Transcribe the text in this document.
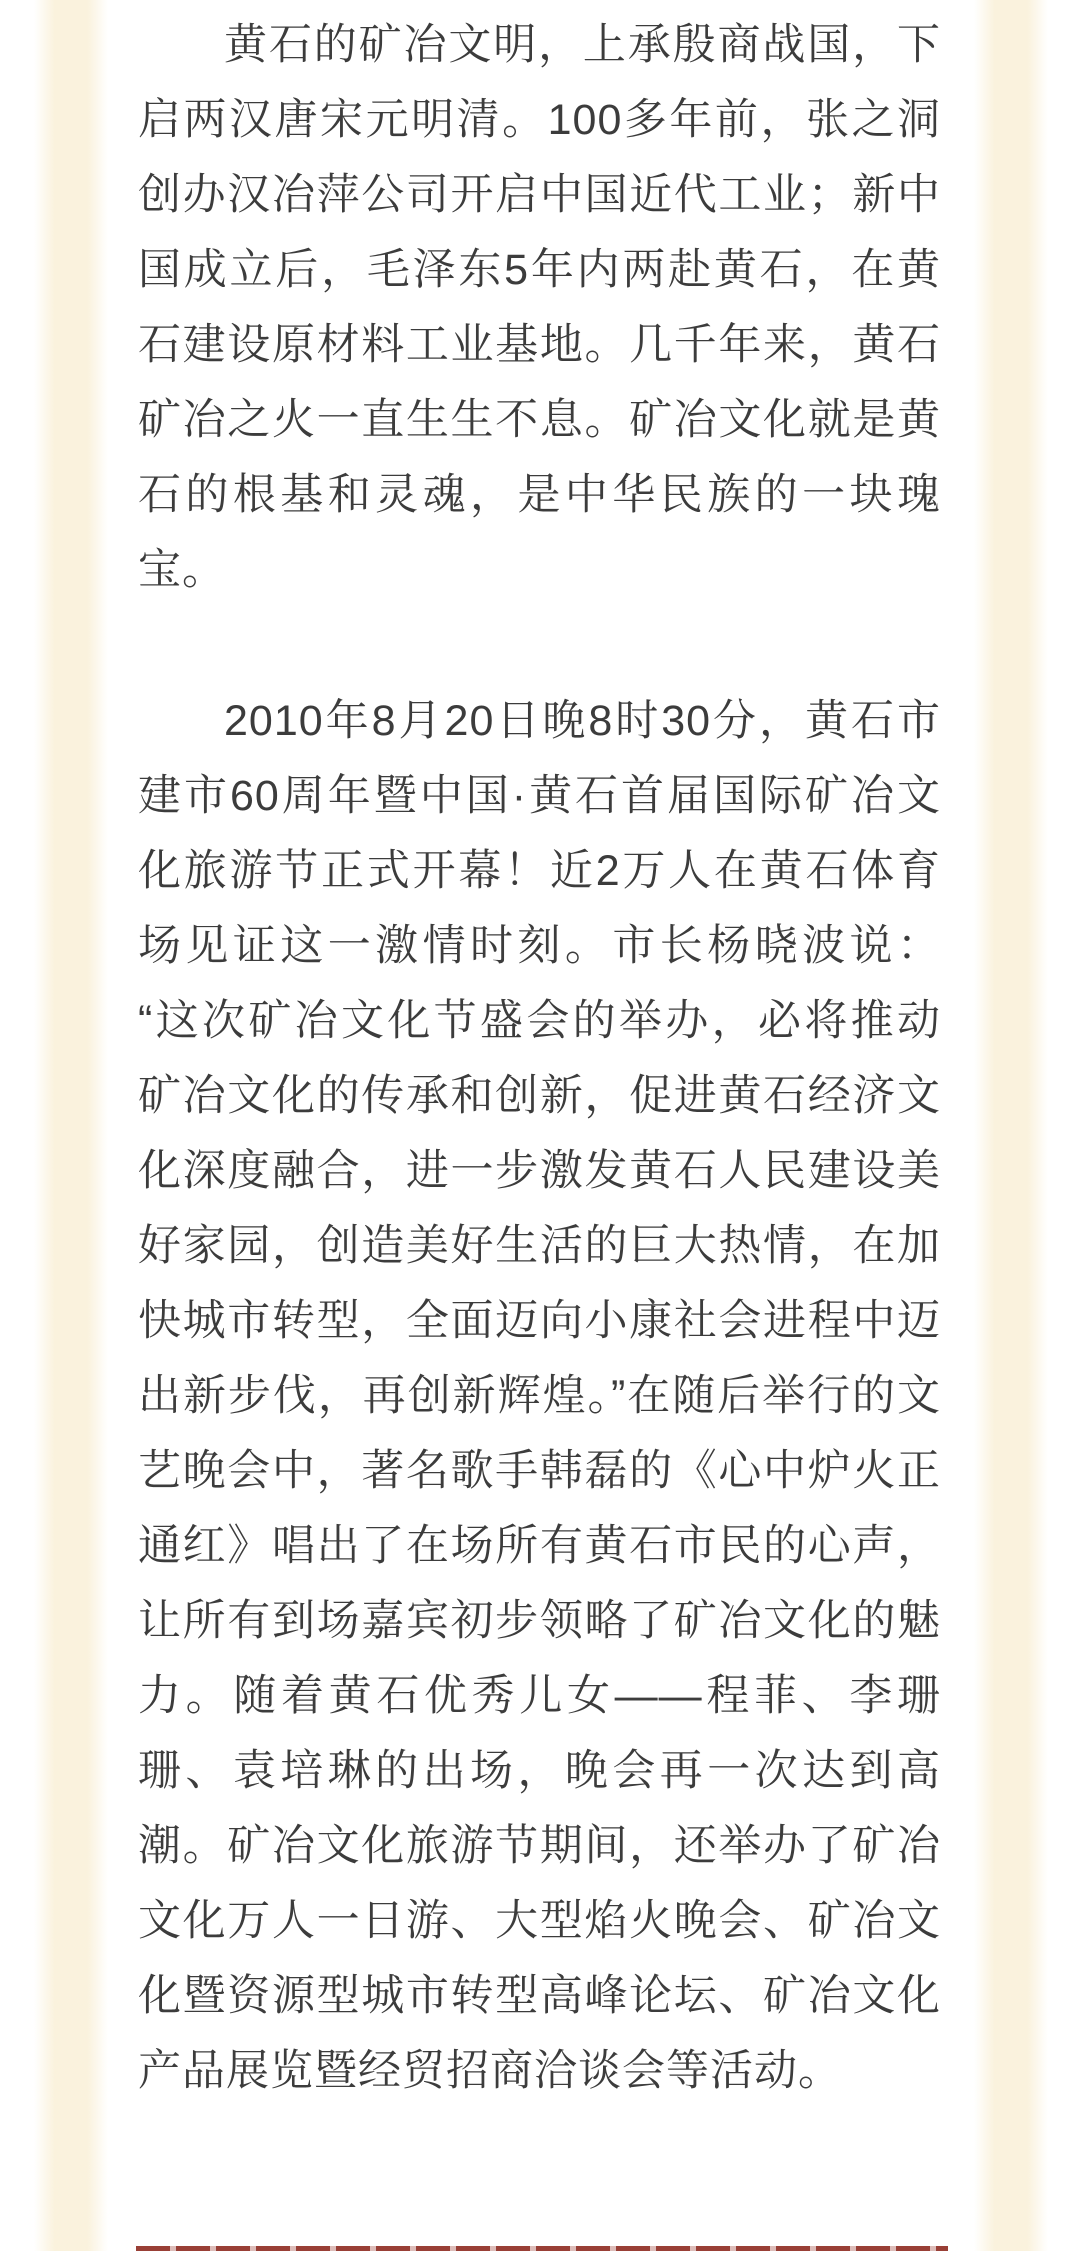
黄石的矿冶文明，上承殷商战国，下启两汉唐宋元明清。100多年前，张之洞创办汉冶萍公司开启中国近代工业；新中国成立后，毛泽东5年内两赴黄石，在黄石建设原材料工业基地。几千年来，黄石矿冶之火一直生生不息。矿冶文化就是黄石的根基和灵魂，是中华民族的一块瑰宝。

2010年8月20日晚8时30分，黄石市建市60周年暨中国·黄石首届国际矿冶文化旅游节正式开幕！近2万人在黄石体育场见证这一激情时刻。市长杨晓波说：“这次矿冶文化节盛会的举办，必将推动矿冶文化的传承和创新，促进黄石经济文化深度融合，进一步激发黄石人民建设美好家园，创造美好生活的巨大热情，在加快城市转型，全面迈向小康社会进程中迈出新步伐，再创新辉煌。”在随后举行的文艺晚会中，著名歌手韩磊的《心中炉火正通红》唱出了在场所有黄石市民的心声，让所有到场嘉宾初步领略了矿冶文化的魅力。随着黄石优秀儿女——程菲、李珊珊、袁培琳的出场，晚会再一次达到高潮。矿冶文化旅游节期间，还举办了矿冶文化万人一日游、大型焰火晚会、矿冶文化暨资源型城市转型高峰论坛、矿冶文化产品展览暨经贸招商洽谈会等活动。
